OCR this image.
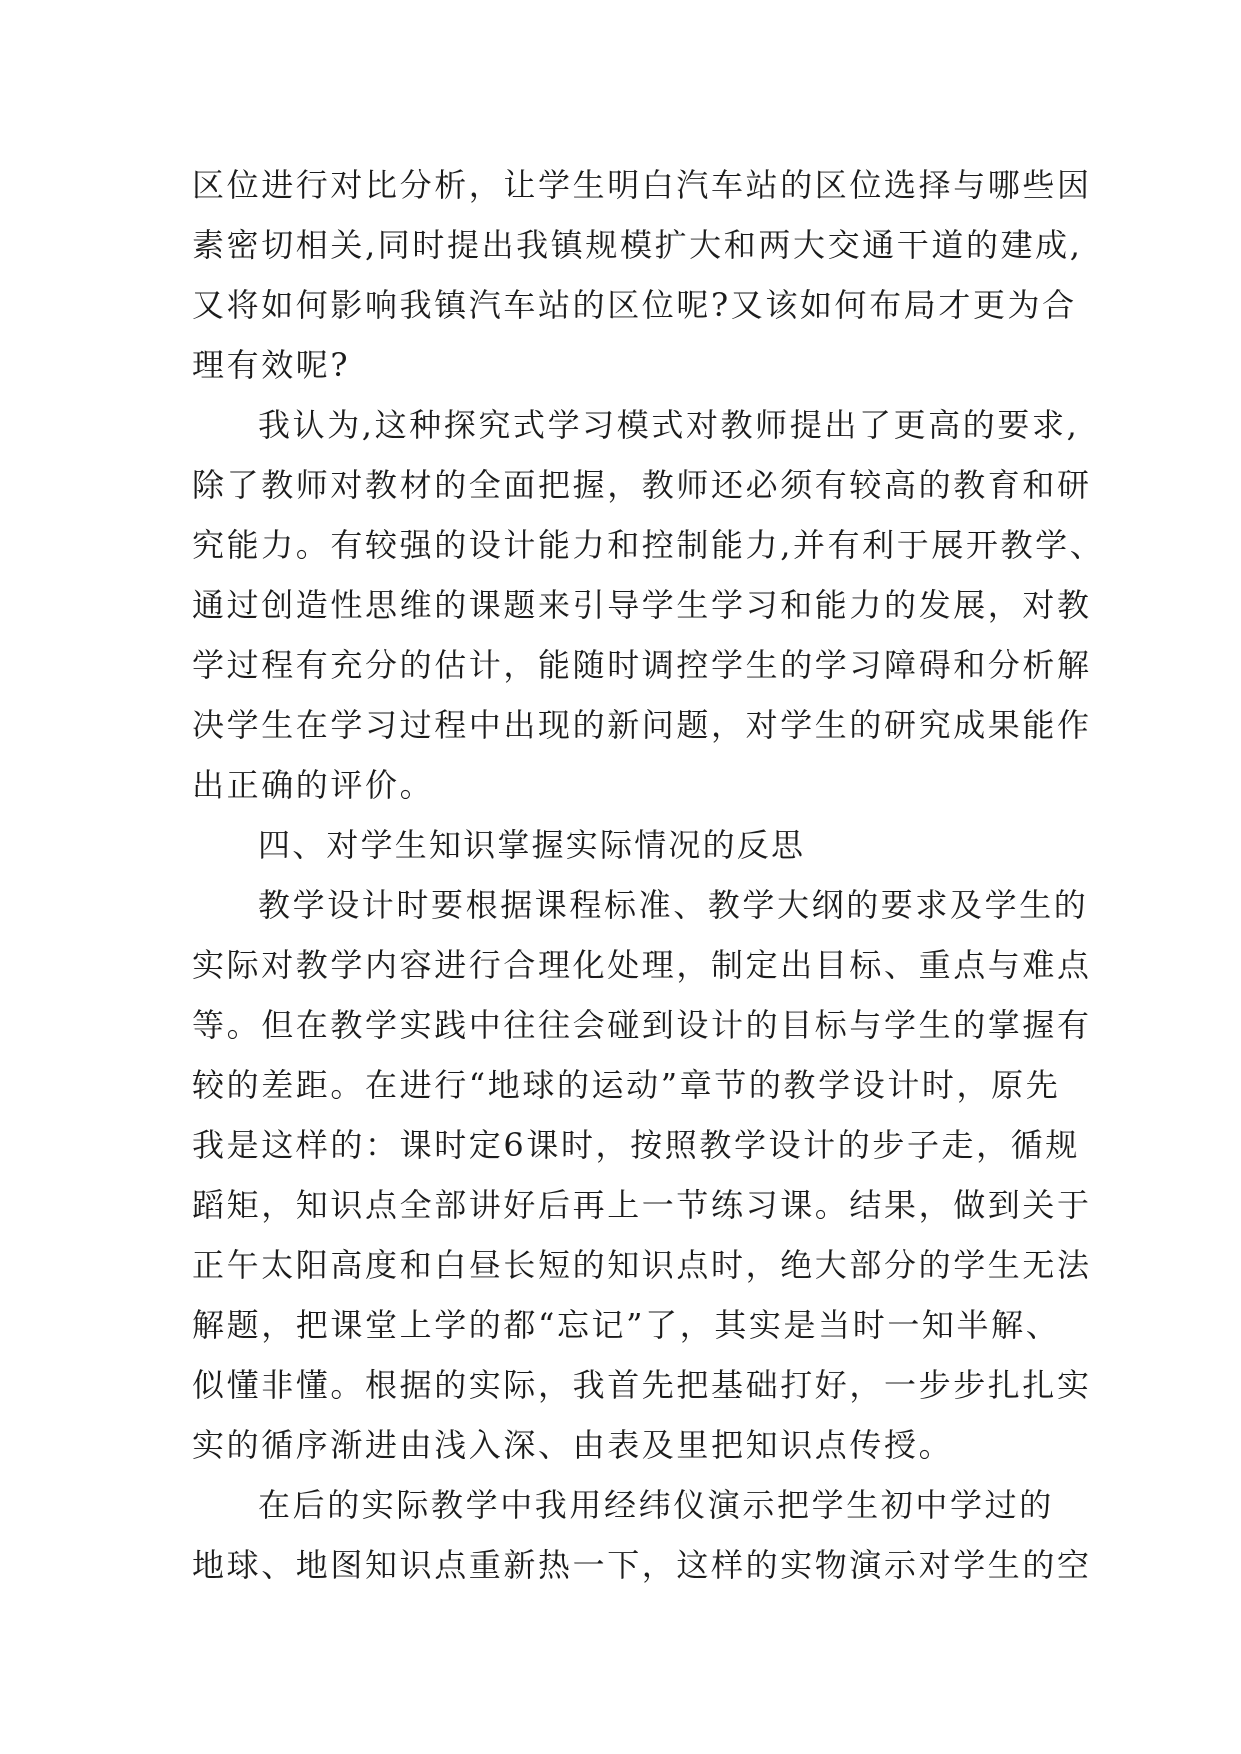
区位进行对比分析，让学生明白汽车站的区位选择与哪些因
素密切相关,同时提出我镇规模扩大和两大交通干道的建成,
又将如何影响我镇汽车站的区位呢?又该如何布局才更为合
理有效呢?
我认为,这种探究式学习模式对教师提出了更高的要求,
除了教师对教材的全面把握，教师还必须有较高的教育和研
究能力。有较强的设计能力和控制能力,并有利于展开教学、
通过创造性思维的课题来引导学生学习和能力的发展，对教
学过程有充分的估计，能随时调控学生的学习障碍和分析解
决学生在学习过程中出现的新问题，对学生的研究成果能作
出正确的评价。
四、对学生知识掌握实际情况的反思
教学设计时要根据课程标准、教学大纲的要求及学生的
实际对教学内容进行合理化处理，制定出目标、重点与难点
等。但在教学实践中往往会碰到设计的目标与学生的掌握有
较的差距。在进行“地球的运动”章节的教学设计时，原先
我是这样的：课时定6课时，按照教学设计的步子走，循规
蹈矩，知识点全部讲好后再上一节练习课。结果，做到关于
正午太阳高度和白昼长短的知识点时，绝大部分的学生无法
解题，把课堂上学的都“忘记”了，其实是当时一知半解、
似懂非懂。根据的实际，我首先把基础打好，一步步扎扎实
实的循序渐进由浅入深、由表及里把知识点传授。
在后的实际教学中我用经纬仪演示把学生初中学过的
地球、地图知识点重新热一下，这样的实物演示对学生的空
